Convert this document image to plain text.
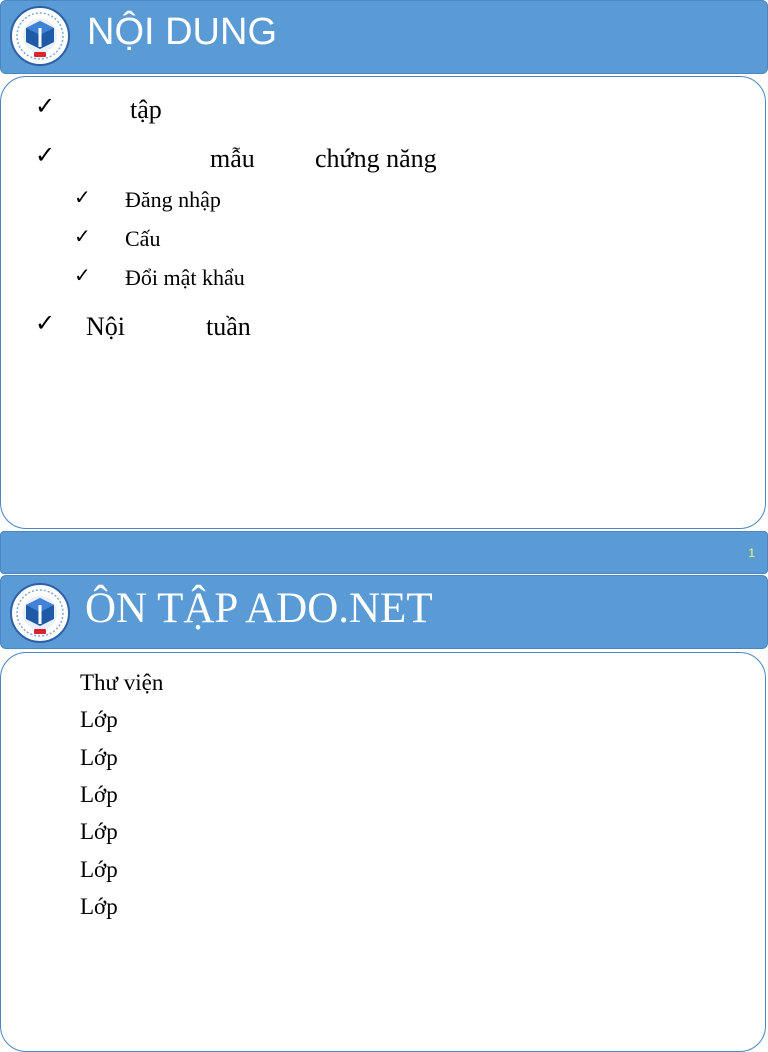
NỘI DUNG

✓

	tập

✓

	mẫu

chứng năng

✓

Đăng nhập

✓

Cấu

✓

Đổi mật khẩu

✓

Nội

	tuần

1
ÔN TẬP ADO.NET
Thư viện
Lớp
Lớp
Lớp
Lớp
Lớp
Lớp
